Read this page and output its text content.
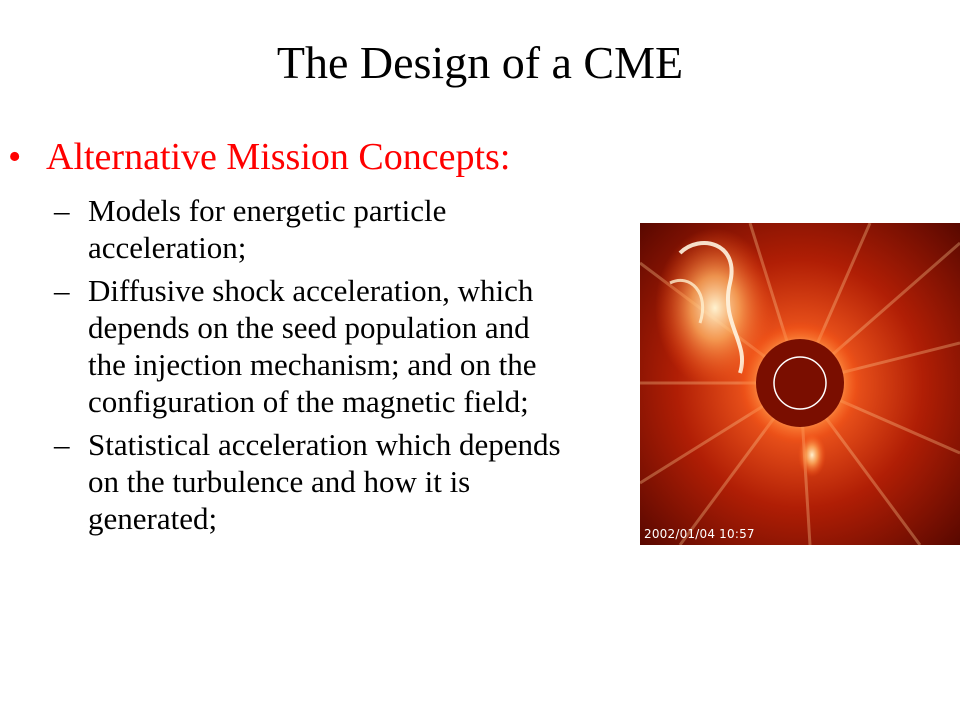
The Design of a CME
• Alternative Mission Concepts:
– Models for energetic particle acceleration;
– Diffusive shock acceleration, which depends on the seed population and the injection mechanism; and on the configuration of the magnetic field;
– Statistical acceleration which depends on the turbulence and how it is generated;	2002/01/04 10:57
